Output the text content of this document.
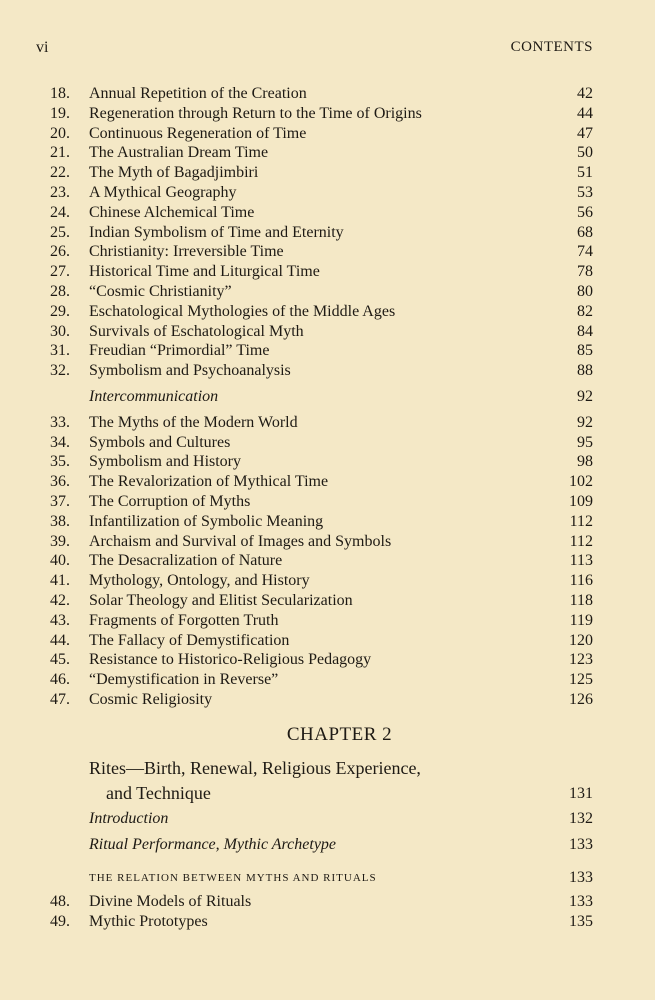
vi	CONTENTS
18.	Annual Repetition of the Creation	42
19.	Regeneration through Return to the Time of Origins	44
20.	Continuous Regeneration of Time	47
21.	The Australian Dream Time	50
22.	The Myth of Bagadjimbiri	51
23.	A Mythical Geography	53
24.	Chinese Alchemical Time	56
25.	Indian Symbolism of Time and Eternity	68
26.	Christianity: Irreversible Time	74
27.	Historical Time and Liturgical Time	78
28.	“Cosmic Christianity”	80
29.	Eschatological Mythologies of the Middle Ages	82
30.	Survivals of Eschatological Myth	84
31.	Freudian “Primordial” Time	85
32.	Symbolism and Psychoanalysis	88
Intercommunication	92
33.	The Myths of the Modern World	92
34.	Symbols and Cultures	95
35.	Symbolism and History	98
36.	The Revalorization of Mythical Time	102
37.	The Corruption of Myths	109
38.	Infantilization of Symbolic Meaning	112
39.	Archaism and Survival of Images and Symbols	112
40.	The Desacralization of Nature	113
41.	Mythology, Ontology, and History	116
42.	Solar Theology and Elitist Secularization	118
43.	Fragments of Forgotten Truth	119
44.	The Fallacy of Demystification	120
45.	Resistance to Historico-Religious Pedagogy	123
46.	“Demystification in Reverse”	125
47.	Cosmic Religiosity	126
CHAPTER 2
Rites—Birth, Renewal, Religious Experience,
and Technique	131
Introduction	132
Ritual Performance, Mythic Archetype	133
THE RELATION BETWEEN MYTHS AND RITUALS	133
48.	Divine Models of Rituals	133
49.	Mythic Prototypes	135
